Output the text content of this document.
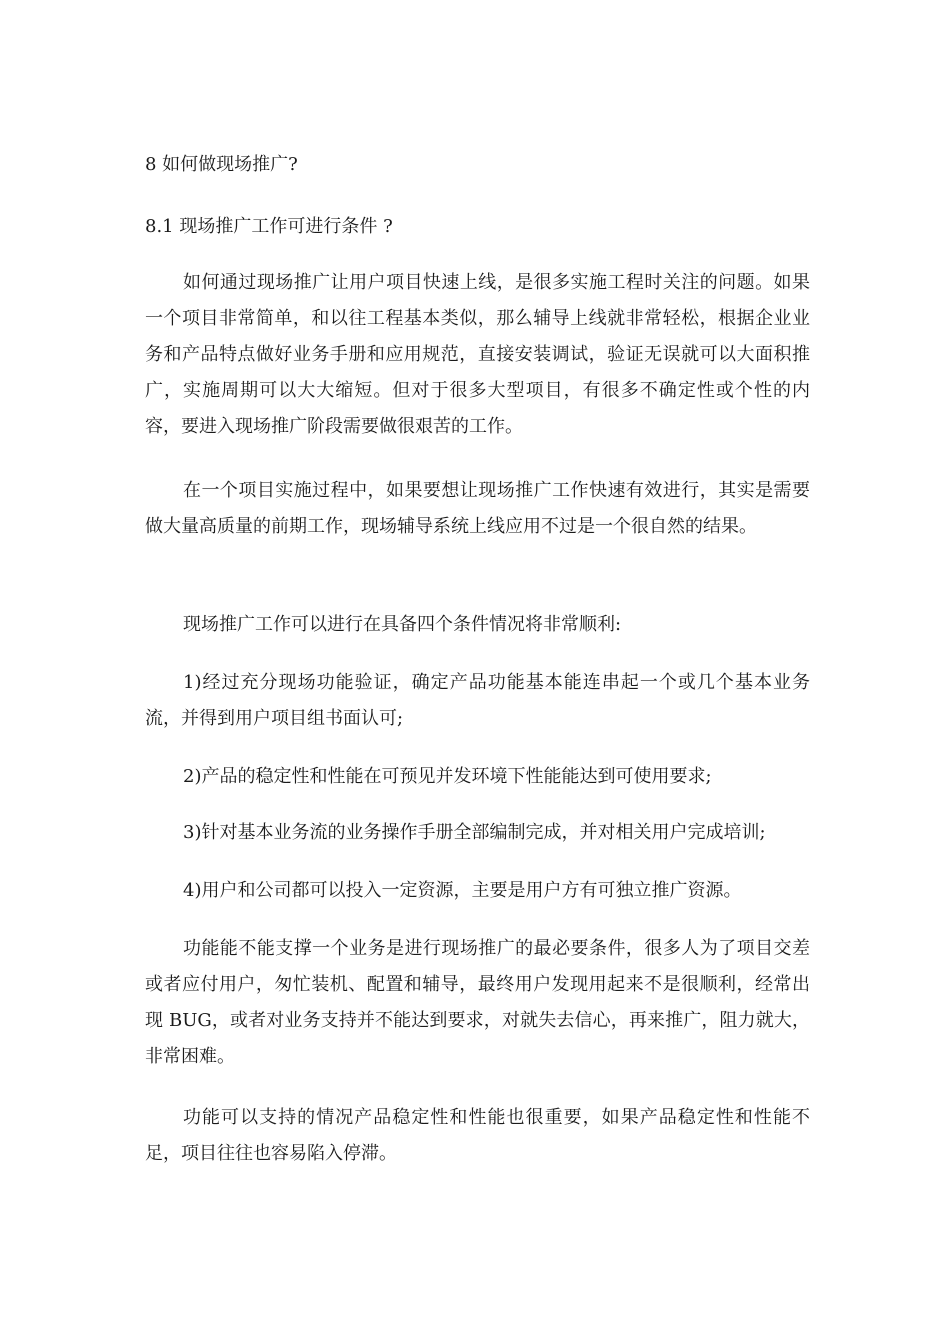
8 如何做现场推广?
8.1 现场推广工作可进行条件 ?

如何通过现场推广让用户项目快速上线，是很多实施工程时关注的问题。如果一个项目非常简单，和以往工程基本类似，那么辅导上线就非常轻松，根据企业业务和产品特点做好业务手册和应用规范，直接安装调试，验证无误就可以大面积推广，实施周期可以大大缩短。但对于很多大型项目，有很多不确定性或个性的内容，要进入现场推广阶段需要做很艰苦的工作。

在一个项目实施过程中，如果要想让现场推广工作快速有效进行，其实是需要做大量高质量的前期工作，现场辅导系统上线应用不过是一个很自然的结果。

现场推广工作可以进行在具备四个条件情况将非常顺利:

1)经过充分现场功能验证，确定产品功能基本能连串起一个或几个基本业务流，并得到用户项目组书面认可;

2)产品的稳定性和性能在可预见并发环境下性能能达到可使用要求;

3)针对基本业务流的业务操作手册全部编制完成，并对相关用户完成培训;

4)用户和公司都可以投入一定资源，主要是用户方有可独立推广资源。

功能能不能支撑一个业务是进行现场推广的最必要条件，很多人为了项目交差或者应付用户，匆忙装机、配置和辅导，最终用户发现用起来不是很顺利，经常出现 BUG，或者对业务支持并不能达到要求，对就失去信心，再来推广，阻力就大，非常困难。

功能可以支持的情况产品稳定性和性能也很重要，如果产品稳定性和性能不足，项目往往也容易陷入停滞。
